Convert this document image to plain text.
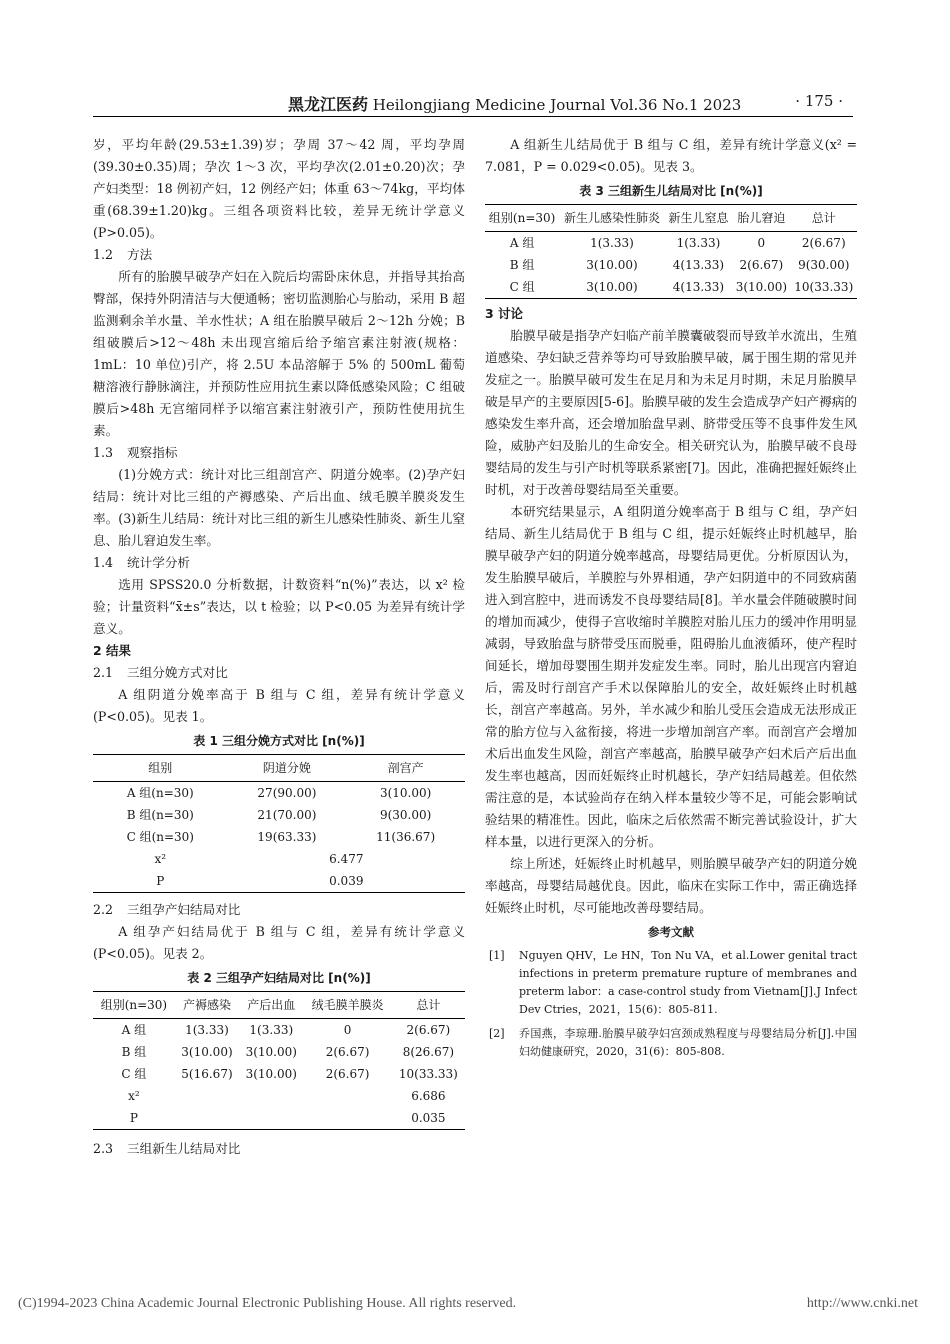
黑龙江医药 Heilongjiang Medicine Journal Vol.36 No.1 2023	· 175 ·

岁，平均年龄(29.53±1.39)岁；孕周 37～42 周，平均孕周(39.30±0.35)周；孕次 1～3 次，平均孕次(2.01±0.20)次；孕产妇类型：18 例初产妇，12 例经产妇；体重 63～74kg，平均体重(68.39±1.20)kg。三组各项资料比较，差异无统计学意义(P>0.05)。

1.2 方法

所有的胎膜早破孕产妇在入院后均需卧床休息，并指导其抬高臀部，保持外阴清洁与大便通畅；密切监测胎心与胎动，采用 B 超监测剩余羊水量、羊水性状；A 组在胎膜早破后 2～12h 分娩；B 组破膜后>12～48h 未出现宫缩后给予缩宫素注射液(规格：1mL：10 单位)引产，将 2.5U 本品溶解于 5% 的 500mL 葡萄糖溶液行静脉滴注，并预防性应用抗生素以降低感染风险；C 组破膜后>48h 无宫缩同样予以缩宫素注射液引产，预防性使用抗生素。

1.3 观察指标

(1)分娩方式：统计对比三组剖宫产、阴道分娩率。(2)孕产妇结局：统计对比三组的产褥感染、产后出血、绒毛膜羊膜炎发生率。(3)新生儿结局：统计对比三组的新生儿感染性肺炎、新生儿窒息、胎儿窘迫发生率。

1.4 统计学分析

选用 SPSS20.0 分析数据，计数资料“n(%)”表达，以 x² 检验；计量资料“x̄±s”表达，以 t 检验；以 P<0.05 为差异有统计学意义。

2 结果
2.1 三组分娩方式对比

A 组阴道分娩率高于 B 组与 C 组，差异有统计学意义(P<0.05)。见表 1。

表 1 三组分娩方式对比 [n(%)]
组别	阴道分娩	剖宫产
A 组(n=30)	27(90.00)	3(10.00)
B 组(n=30)	21(70.00)	9(30.00)
C 组(n=30)	19(63.33)	11(36.67)
x²	6.477	
P	0.039	
2.2 三组孕产妇结局对比

A 组孕产妇结局优于 B 组与 C 组，差异有统计学意义(P<0.05)。见表 2。

表 2 三组孕产妇结局对比 [n(%)]
组别(n=30)	产褥感染	产后出血	绒毛膜羊膜炎	总计
A 组	1(3.33)	1(3.33)	0	2(6.67)
B 组	3(10.00)	3(10.00)	2(6.67)	8(26.67)
C 组	5(16.67)	3(10.00)	2(6.67)	10(33.33)
x²				6.686
P				0.035
2.3 三组新生儿结局对比

A 组新生儿结局优于 B 组与 C 组，差异有统计学意义(x² = 7.081，P = 0.029<0.05)。见表 3。

表 3 三组新生儿结局对比 [n(%)]
组别(n=30)	新生儿感染性肺炎	新生儿窒息	胎儿窘迫	总计
A 组	1(3.33)	1(3.33)	0	2(6.67)
B 组	3(10.00)	4(13.33)	2(6.67)	9(30.00)
C 组	3(10.00)	4(13.33)	3(10.00)	10(33.33)
3 讨论

胎膜早破是指孕产妇临产前羊膜囊破裂而导致羊水流出，生殖道感染、孕妇缺乏营养等均可导致胎膜早破，属于围生期的常见并发症之一。胎膜早破可发生在足月和为未足月时期，未足月胎膜早破是早产的主要原因[5-6]。胎膜早破的发生会造成孕产妇产褥病的感染发生率升高，还会增加胎盘早剥、脐带受压等不良事件发生风险，威胁产妇及胎儿的生命安全。相关研究认为，胎膜早破不良母婴结局的发生与引产时机等联系紧密[7]。因此，准确把握妊娠终止时机，对于改善母婴结局至关重要。

本研究结果显示，A 组阴道分娩率高于 B 组与 C 组，孕产妇结局、新生儿结局优于 B 组与 C 组，提示妊娠终止时机越早，胎膜早破孕产妇的阴道分娩率越高，母婴结局更优。分析原因认为，发生胎膜早破后，羊膜腔与外界相通，孕产妇阴道中的不同致病菌进入到宫腔中，进而诱发不良母婴结局[8]。羊水量会伴随破膜时间的增加而减少，使得子宫收缩时羊膜腔对胎儿压力的缓冲作用明显减弱，导致胎盘与脐带受压而脱垂，阻碍胎儿血液循环，使产程时间延长，增加母婴围生期并发症发生率。同时，胎儿出现宫内窘迫后，需及时行剖宫产手术以保障胎儿的安全，故妊娠终止时机越长，剖宫产率越高。另外，羊水减少和胎儿受压会造成无法形成正常的胎方位与入盆衔接，将进一步增加剖宫产率。而剖宫产会增加术后出血发生风险，剖宫产率越高，胎膜早破孕产妇术后产后出血发生率也越高，因而妊娠终止时机越长，孕产妇结局越差。但依然需注意的是，本试验尚存在纳入样本量较少等不足，可能会影响试验结果的精准性。因此，临床之后依然需不断完善试验设计，扩大样本量，以进行更深入的分析。

综上所述，妊娠终止时机越早，则胎膜早破孕产妇的阴道分娩率越高，母婴结局越优良。因此，临床在实际工作中，需正确选择妊娠终止时机，尽可能地改善母婴结局。

参考文献
[1] Nguyen QHV，Le HN，Ton Nu VA，et al.Lower genital tract infections in preterm premature rupture of membranes and preterm labor：a case-control study from Vietnam[J].J Infect Dev Ctries，2021，15(6)：805-811.
[2] 乔国燕，李琼珊.胎膜早破孕妇宫颈成熟程度与母婴结局分析[J].中国妇幼健康研究，2020，31(6)：805-808.
(C)1994-2023 China Academic Journal Electronic Publishing House. All rights reserved.	http://www.cnki.net
